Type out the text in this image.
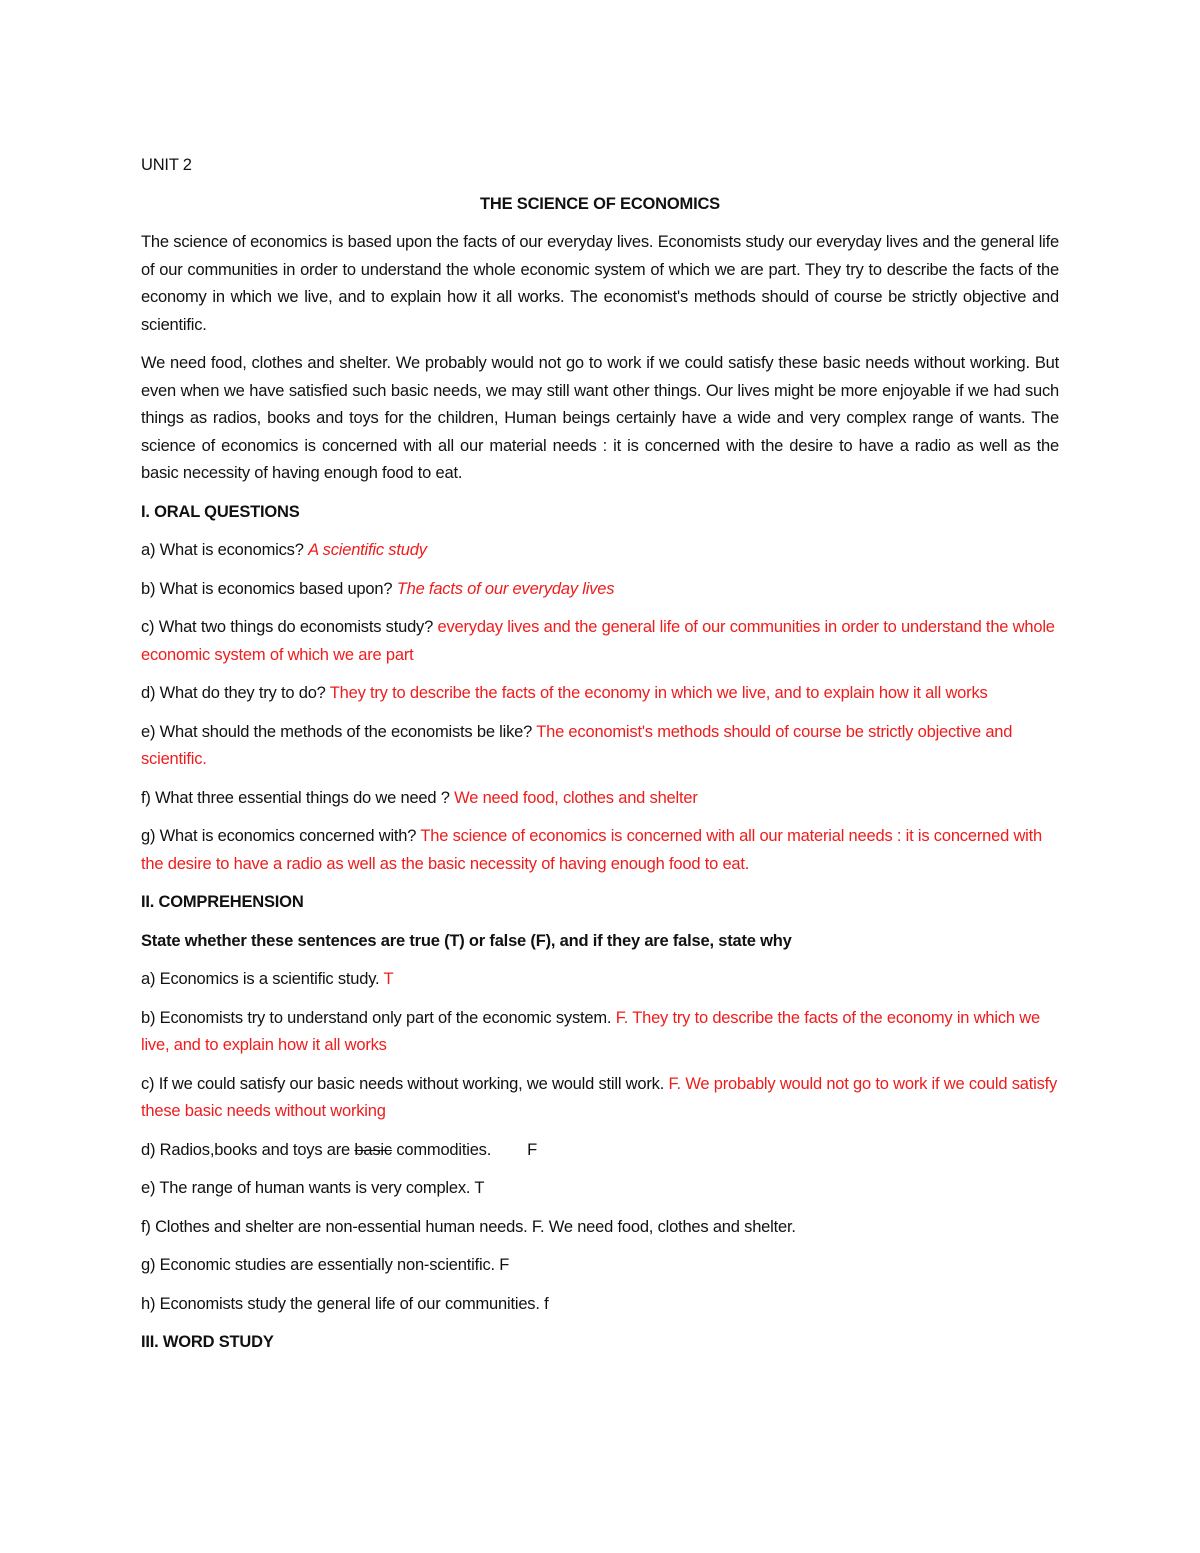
UNIT 2

THE SCIENCE OF ECONOMICS

The science of economics is based upon the facts of our everyday lives. Economists study our everyday lives and the general life of our communities in order to understand the whole economic system of which we are part. They try to describe the facts of the economy in which we live, and to explain how it all works. The economist's methods should of course be strictly objective and scientific.

We need food, clothes and shelter. We probably would not go to work if we could satisfy these basic needs without working. But even when we have satisfied such basic needs, we may still want other things. Our lives might be more enjoyable if we had such things as radios, books and toys for the children, Human beings certainly have a wide and very complex range of wants. The science of economics is concerned with all our material needs : it is concerned with the desire to have a radio as well as the basic necessity of having enough food to eat.

I. ORAL QUESTIONS

a) What is economics? A scientific study

b) What is economics based upon? The facts of our everyday lives

c) What two things do economists study? everyday lives and the general life of our communities in order to understand the whole economic system of which we are part

d) What do they try to do? They try to describe the facts of the economy in which we live, and to explain how it all works

e) What should the methods of the economists be like? The economist's methods should of course be strictly objective and scientific.

f) What three essential things do we need ? We need food, clothes and shelter

g) What is economics concerned with? The science of economics is concerned with all our material needs : it is concerned with the desire to have a radio as well as the basic necessity of having enough food to eat.

II. COMPREHENSION

State whether these sentences are true (T) or false (F), and if they are false, state why

a) Economics is a scientific study. T

b) Economists try to understand only part of the economic system. F. They try to describe the facts of the economy in which we live, and to explain how it all works

c) If we could satisfy our basic needs without working, we would still work. F. We probably would not go to work if we could satisfy these basic needs without working

d) Radios,books and toys are basic commodities. F

e) The range of human wants is very complex. T

f) Clothes and shelter are non-essential human needs. F. We need food, clothes and shelter.

g) Economic studies are essentially non-scientific. F

h) Economists study the general life of our communities. f

III. WORD STUDY
